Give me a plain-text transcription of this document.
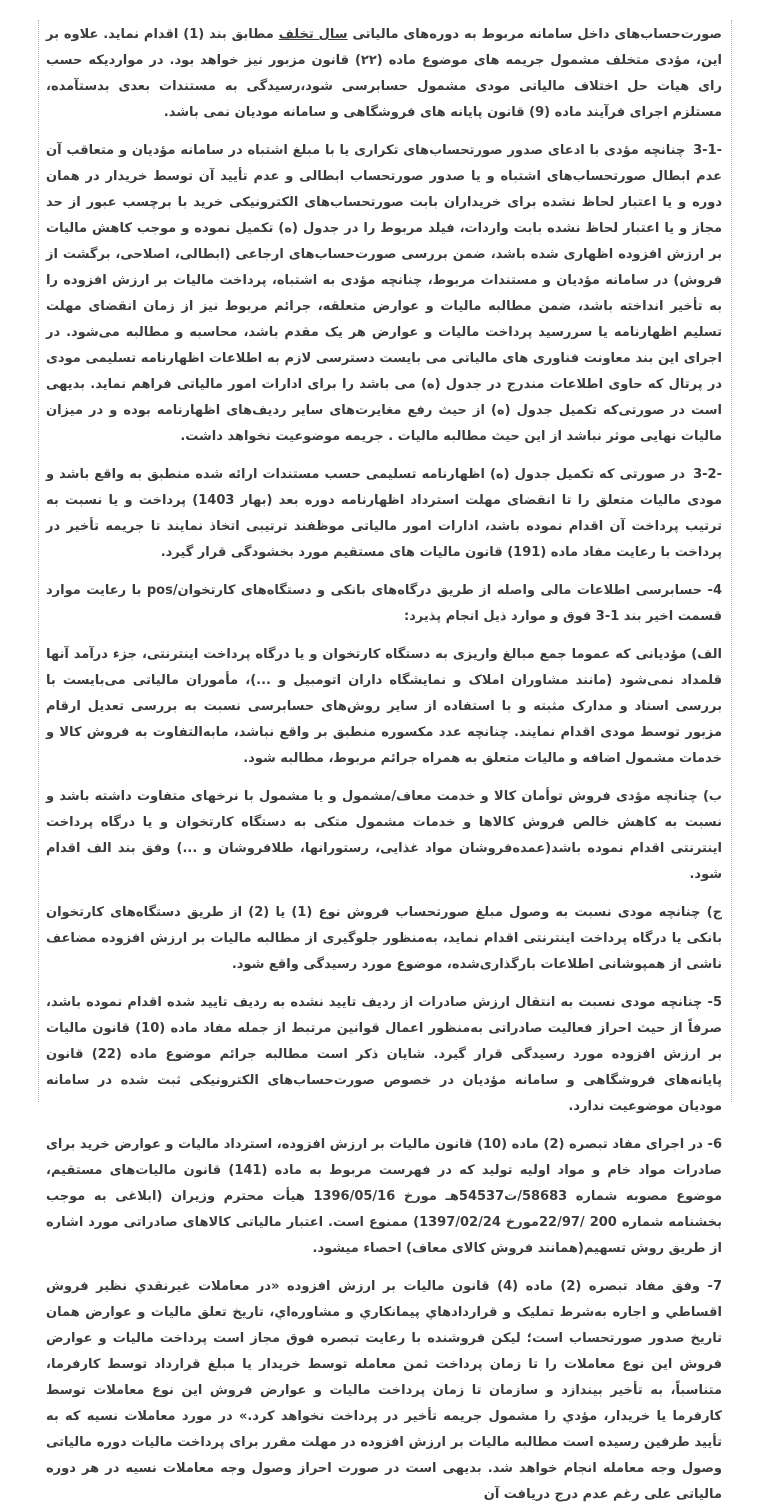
صورت‌حساب‌های داخل سامانه مربوط به دوره‌های مالیاتی سال تخلف مطابق بند (1) اقدام نماید. علاوه بر این، مؤدی متخلف مشمول جریمه های موضوع ماده (۲۲) قانون مزبور نیز خواهد بود. در مواردیکه حسب رای هیات حل اختلاف مالیاتی مودی مشمول حسابرسی شود،رسیدگی به مستندات بعدی بدستآمده، مستلزم اجرای فرآیند ماده (9) قانون پایانه های فروشگاهی و سامانه مودیان نمی باشد.

3-1- چنانچه مؤدی با ادعای صدور صورتحساب‌های تکراری یا با مبلغ اشتباه در سامانه مؤدیان و متعاقب آن عدم ابطال صورتحساب‌های اشتباه و یا صدور صورتحساب ابطالی و عدم تأیید آن توسط خریدار در همان دوره و یا اعتبار لحاظ نشده برای خریداران بابت صورتحساب‌های الکترونیکی خرید با برچسب عبور از حد مجاز و یا اعتبار لحاظ نشده بابت واردات، فیلد مربوط را در جدول (ه) تکمیل نموده و موجب کاهش مالیات بر ارزش افزوده اظهاری شده باشد، ضمن بررسی صورت‌حساب‌های ارجاعی (ابطالی، اصلاحی، برگشت از فروش) در سامانه مؤدیان و مستندات مربوط، چنانچه مؤدی به اشتباه، پرداخت مالیات بر ارزش افزوده را به تأخیر انداخته باشد، ضمن مطالبه مالیات و عوارض متعلقه، جرائم مربوط نیز از زمان انقضای مهلت تسلیم اظهارنامه یا سررسید پرداخت مالیات و عوارض هر یک مقدم باشد، محاسبه و مطالبه می‌شود. در اجرای این بند معاونت فناوری های مالیاتی می بایست دسترسی لازم به اطلاعات اظهارنامه تسلیمی مودی در پرتال که حاوی اطلاعات مندرج در جدول (ه) می باشد را برای ادارات امور مالیاتی فراهم نماید. بدیهی است در صورتی‌که تکمیل جدول (ه) از حیث رفع مغایرت‌های سایر ردیف‌های اظهارنامه بوده و در میزان مالیات نهایی موثر نباشد از این حیث مطالبه مالیات . جریمه موضوعیت نخواهد داشت.

3-2- در صورتی که تکمیل جدول (ه) اظهارنامه تسلیمی حسب مستندات ارائه شده منطبق به واقع باشد و مودی مالیات متعلق را تا انقضای مهلت استرداد اظهارنامه دوره بعد (بهار 1403) پرداخت و یا نسبت به ترتیب پرداخت آن اقدام نموده باشد، ادارات امور مالیاتی موظفند ترتیبی اتخاذ نمایند تا جریمه تأخیر در پرداخت با رعایت مفاد ماده (191) قانون مالیات های مستقیم مورد بخشودگی قرار گیرد.

4- حسابرسی اطلاعات مالی واصله از طریق درگاه‌های بانکی و دستگاه‌های کارتخوان/pos با رعایت موارد قسمت اخیر بند 1-3 فوق و موارد ذیل انجام پذیرد:

الف) مؤدیانی که عموما جمع مبالغ واریزی به دستگاه کارتخوان و یا درگاه پرداخت اینترنتی، جزء درآمد آنها قلمداد نمی‌شود (مانند مشاوران املاک و نمایشگاه داران اتومبیل و ...)، مأموران مالیاتی می‌بایست با بررسی اسناد و مدارک مثبته و با استفاده از سایر روش‌های حسابرسی نسبت به بررسی تعدیل ارقام مزبور توسط مودی اقدام نمایند. چنانچه عدد مکسوره منطبق بر واقع نباشد، مابه‌التفاوت به فروش کالا و خدمات مشمول اضافه و مالیات متعلق به همراه جرائم مربوط، مطالبه شود.

ب) چنانچه مؤدی فروش توأمان کالا و خدمت معاف/مشمول و یا مشمول با نرخهای متفاوت داشته باشد و نسبت به کاهش خالص فروش کالاها و خدمات مشمول متکی به دستگاه کارتخوان و یا درگاه پرداخت اینترنتی اقدام نموده باشد(عمده‌فروشان مواد غذایی، رستورانها، طلافروشان و ...) وفق بند الف اقدام شود.

ج) چنانچه مودی نسبت به وصول مبلغ صورتحساب فروش نوع (1) یا (2) از طریق دستگاه‌های کارتخوان بانکی یا درگاه پرداخت اینترنتی اقدام نماید، به‌منظور جلوگیری از مطالبه مالیات بر ارزش افزوده مضاعف ناشی از همپوشانی اطلاعات بارگذاری‌شده، موضوع مورد رسیدگی واقع شود.

5- چنانچه مودی نسبت به انتقال ارزش صادرات از ردیف تایید نشده به ردیف تایید شده اقدام نموده باشد، صرفاً از حیث احراز فعالیت صادراتی به‌منظور اعمال قوانین مرتبط از جمله مفاد ماده (10) قانون مالیات بر ارزش افزوده مورد رسیدگی قرار گیرد. شایان ذکر است مطالبه جرائم موضوع ماده (22) قانون پایانه‌های فروشگاهی و سامانه مؤدیان در خصوص صورت‌حساب‌های الکترونیکی ثبت شده در سامانه مودیان موضوعیت ندارد.

6- در اجرای مفاد تبصره (2) ماده (10) قانون مالیات بر ارزش افزوده، استرداد مالیات و عوارض خرید برای صادرات مواد خام و مواد اولیه تولید که در فهرست مربوط به ماده (141) قانون مالیات‌های مستقیم، موضوع مصوبه شماره 58683/ت54537هـ مورخ 1396/05/16 هیأت محترم وزیران (ابلاغی به موجب بخشنامه شماره 200 /22/97مورخ 1397/02/24) ممنوع است. اعتبار مالیاتی کالاهای صادراتی مورد اشاره از طریق روش تسهیم(همانند فروش کالای معاف) احصاء میشود.

7- وفق مفاد تبصره (2) ماده (4) قانون مالیات بر ارزش افزوده «در معاملات غیرنقدي نظیر فروش اقساطي و اجاره به‌شرط تملیک و قراردادهاي پیمانکاري و مشاوره‌اي، تاریخ تعلق مالیات و عوارض همان تاریخ صدور صورتحساب است؛ لیکن فروشنده با رعایت تبصره فوق مجاز است پرداخت مالیات و عوارض فروش این نوع معاملات را تا زمان پرداخت ثمن معامله توسط خریدار یا مبلغ قرارداد توسط کارفرما، متناسباً، به تأخیر بیندازد و سازمان تا زمان پرداخت مالیات و عوارض فروش این نوع معاملات توسط کارفرما یا خریدار، مؤدي را مشمول جریمه تأخیر در پرداخت نخواهد کرد.» در مورد معاملات نسیه که به تأیید طرفین رسیده است مطالبه مالیات بر ارزش افزوده در مهلت مقرر برای پرداخت مالیات دوره مالیاتی وصول وجه معامله انجام خواهد شد. بدیهی است در صورت احراز وصول وجه معاملات نسیه در هر دوره مالیاتی علی رغم عدم درج دریافت آن
